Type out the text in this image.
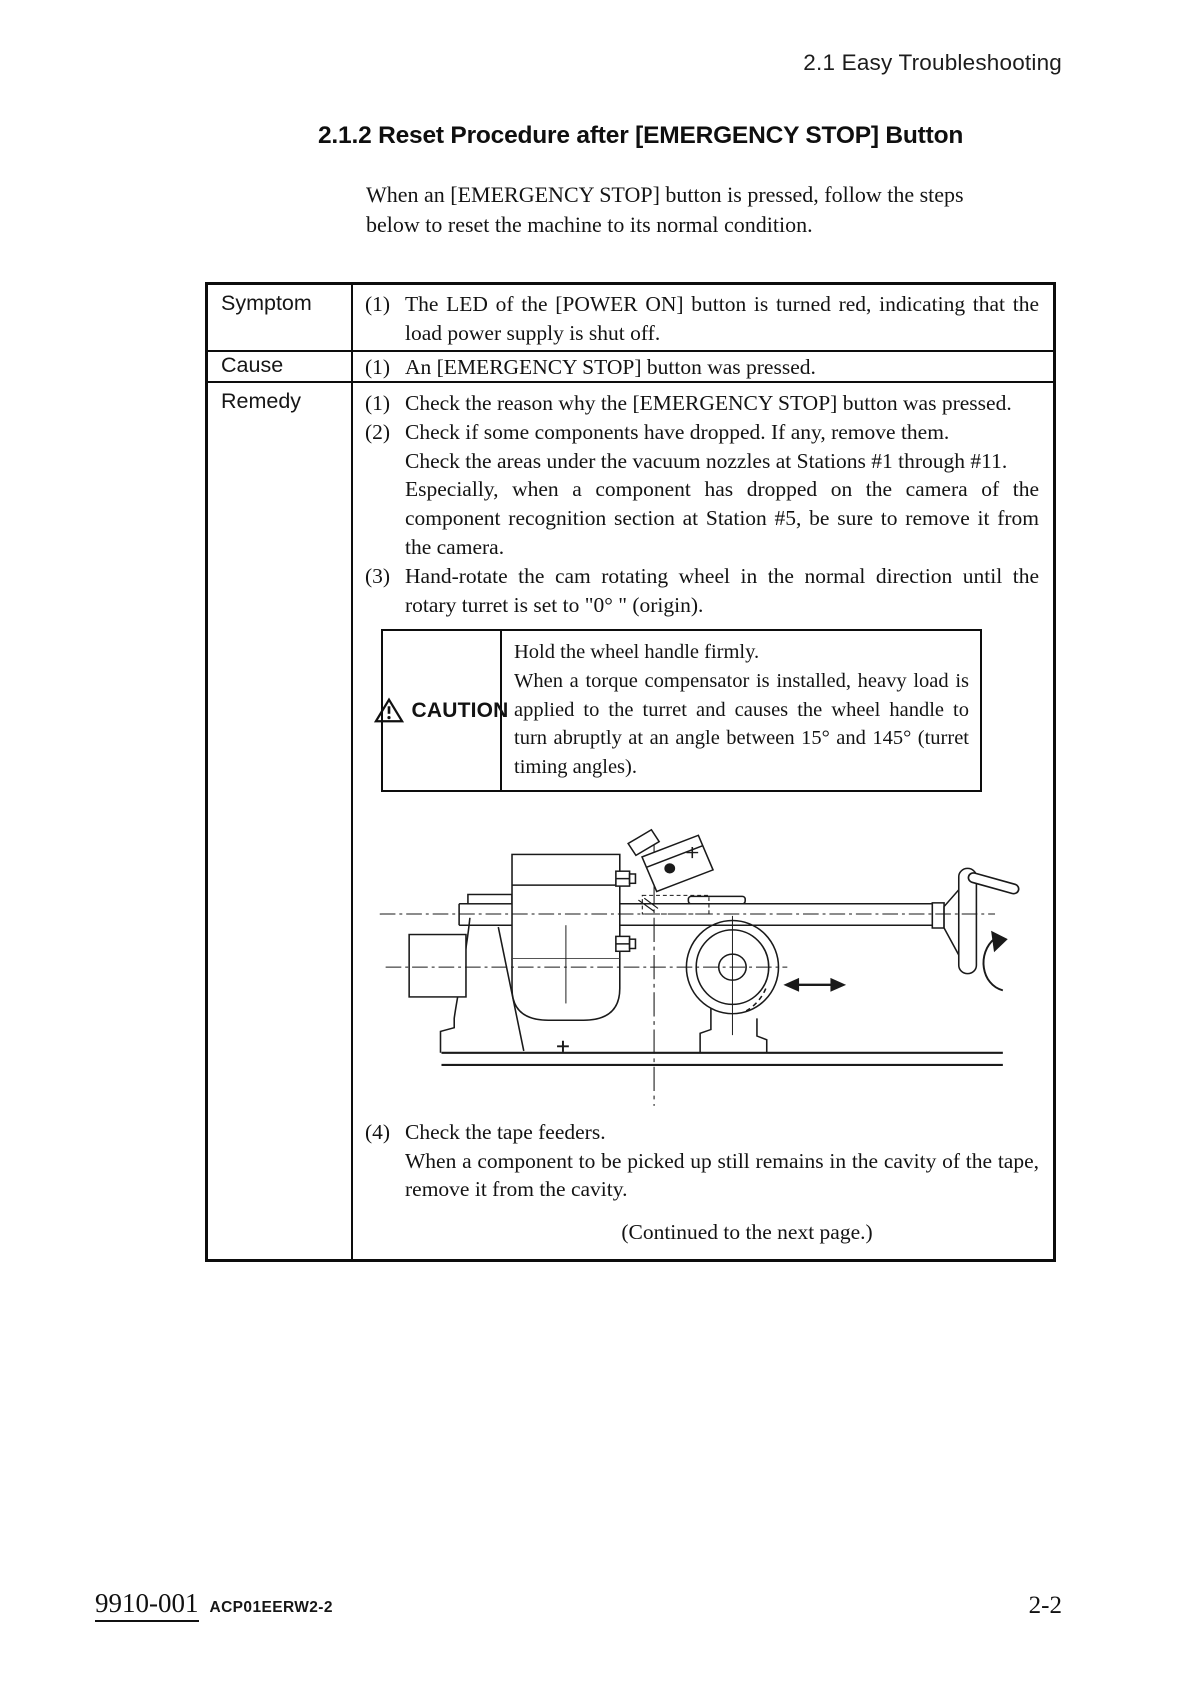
2.1 Easy Troubleshooting
2.1.2 Reset Procedure after [EMERGENCY STOP] Button

When an [EMERGENCY STOP] button is pressed, follow the steps below to reset the machine to its normal condition.

Symptom	(1) The LED of the [POWER ON] button is turned red, indicating that the load power supply is shut off.
Cause	(1) An [EMERGENCY STOP] button was pressed.
Remedy	(1) Check the reason why the [EMERGENCY STOP] button was pressed.
(2) Check if some components have dropped. If any, remove them.

Check the areas under the vacuum nozzles at Stations #1 through #11.

Especially, when a component has dropped on the camera of the component recognition section at Station #5, be sure to remove it from the camera.

(3) Hand-rotate the cam rotating wheel in the normal direction until the rotary turret is set to "0° " (origin).
CAUTION

Hold the wheel handle firmly.

When a torque compensator is installed, heavy load is applied to the turret and causes the wheel handle to turn abruptly at an angle between 15° and 145° (turret timing angles).

(4) Check the tape feeders.

When a component to be picked up still remains in the cavity of the tape, remove it from the cavity.

(Continued to the next page.)
9910-001 ACP01EERW2-2	2-2
